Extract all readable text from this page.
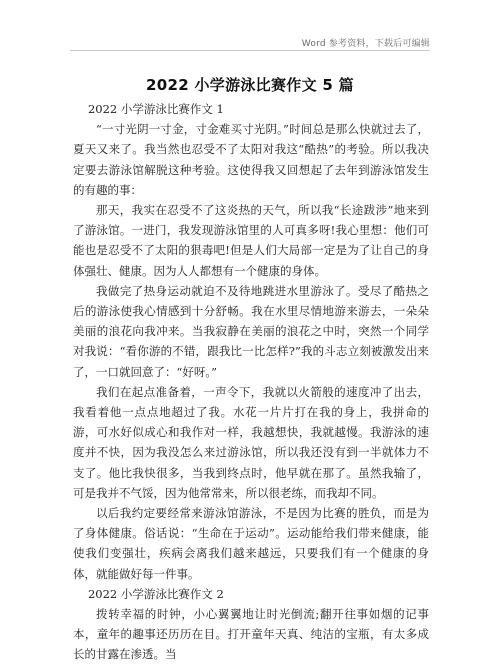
Word 参考资料，下载后可编辑
2022 小学游泳比赛作文 5 篇

2022 小学游泳比赛作文 1

“一寸光阴一寸金，寸金难买寸光阴。”时间总是那么快就过去了，夏天又来了。我当然也忍受不了太阳对我这“酷热”的考验。所以我决定要去游泳馆解脱这种考验。这使得我又回想起了去年到游泳馆发生的有趣的事：

那天，我实在忍受不了这炎热的天气，所以我“长途跋涉”地来到了游泳馆。一进门，我发现游泳馆里的人可真多呀!我心里想：他们可能也是忍受不了太阳的狠毒吧!但是人们大局部一定是为了让自己的身体强壮、健康。因为人人都想有一个健康的身体。

我做完了热身运动就迫不及待地跳进水里游泳了。受尽了酷热之后的游泳使我心情感到十分舒畅。我在水里尽情地游来游去，一朵朵美丽的浪花向我冲来。当我寂静在美丽的浪花之中时，突然一个同学对我说：“看你游的不错，跟我比一比怎样?”我的斗志立刻被激发出来了，一口就回意了：“好呀。”

我们在起点准备着，一声令下，我就以火箭般的速度冲了出去，我看着他一点点地超过了我。水花一片片打在我的身上，我拼命的游，可水好似成心和我作对一样，我越想快，我就越慢。我游泳的速度并不快，因为我没怎么来过游泳馆，所以我还没有到一半就体力不支了。他比我快很多，当我到终点时，他早就在那了。虽然我输了，可是我并不气馁，因为他常常来，所以很老练，而我却不同。

以后我约定要经常来游泳馆游泳，不是因为比赛的胜负，而是为了身体健康。俗话说：“生命在于运动”。运动能给我们带来健康，能使我们变强壮，疾病会离我们越来越远，只要我们有一个健康的身体，就能做好每一件事。

2022 小学游泳比赛作文 2

拨转幸福的时钟，小心翼翼地让时光倒流;翻开往事如烟的记事本，童年的趣事还历历在目。打开童年天真、纯洁的宝瓶，有太多成长的甘露在渗透。当
